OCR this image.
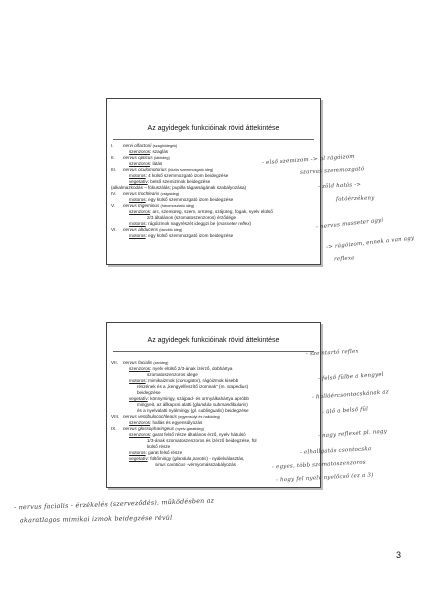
Az agyidegek funkcióinak rövid áttekintése
I. nervi olfactorii (szaglóidegek)
szenzoros: szaglás
II. nervus opticus (látóideg)
szenzoros: látás
III. nervus oculomotorius (közös szemmozgató ideg)
motoros: 4 külső szemmozgató izom beidegzése
vegetatív: belső szemizmok beidegzése
(alkalmazkodás – fókuszálás; pupilla tágasságának szabályozása)
IV. nervus trochlearis (csigaideg)
motoros: egy külső szemmozgató izom beidegzése
V. nervus trigeminus (háromosztatú ideg)
szenzoros: arc, szemüreg, szem, orrüreg, szájüreg, fogak, nyelv elülső
2/3 általános (szomatoszenzoros) érződége
motoros: rágóizmok nagyrészét ideggzi be (masseter reflex)
VI. nervus abducens (távolító ideg)
motoros: egy külső szemmozgató izom beidegzése
Az agyidegek funkcióinak rövid áttekintése
VII. nervus facialis (arcideg)
szenzoros: nyelv elülső 2/3-ának ízérző, dobhártya
szomatoszenzoros idege
motoros: mimikaizmok (corrugator), rágóizmok kisebb
részének és a „kengyelfeszítő izomnak" (m. stapedius)
beidegzése
vegetatív: könnymirigy, szájpad- és orrnyálkahártya apróbb
mirigyeit, az állkapcsi alatti (glandula submandibularis)
és a nyelvalatti nyálmirigy (gl. sublingualis) beidegzése
VIII. nervus vestibulocochlearis (egyensúlyi és hallóideg)
szenzoros: hallás és egyensúlyozás
IX. nervus glossopharingeus (nyelv-garatideg)
szenzoros: garat felső része általános érző, nyelv hátulsó
1/3-ának szomatoszenzoros és ízérző beidegzése, fül
külső része
motoros: garat felső része
vegetatív: fültőmirigy (glandula parotis) - nyálelválasztás,
sinus caroticus -vérnyomásszabályozás
- első szemizom -> pl rágóizom
szarvas szemmozgató
- zöld hatás ->
fotóérzékeny
- nervus masseter agyi
-> rágóizom, ennek a van agy
reflexe
- szemtartó reflex
- felső fülbe a kengyel
- hallóércsontocskának az
- ülő a belső fül
- nagy reflexet pl. nagy
- elhallgatás csontocska
- egyes, több szomatoszenzoros
- hogy fel nyelv nyelőcső (ez a 3)
- nervus facialis - érzékelés (szerveződés), működésben az
akaratlagos mimikai izmok beidegzése révül
3
